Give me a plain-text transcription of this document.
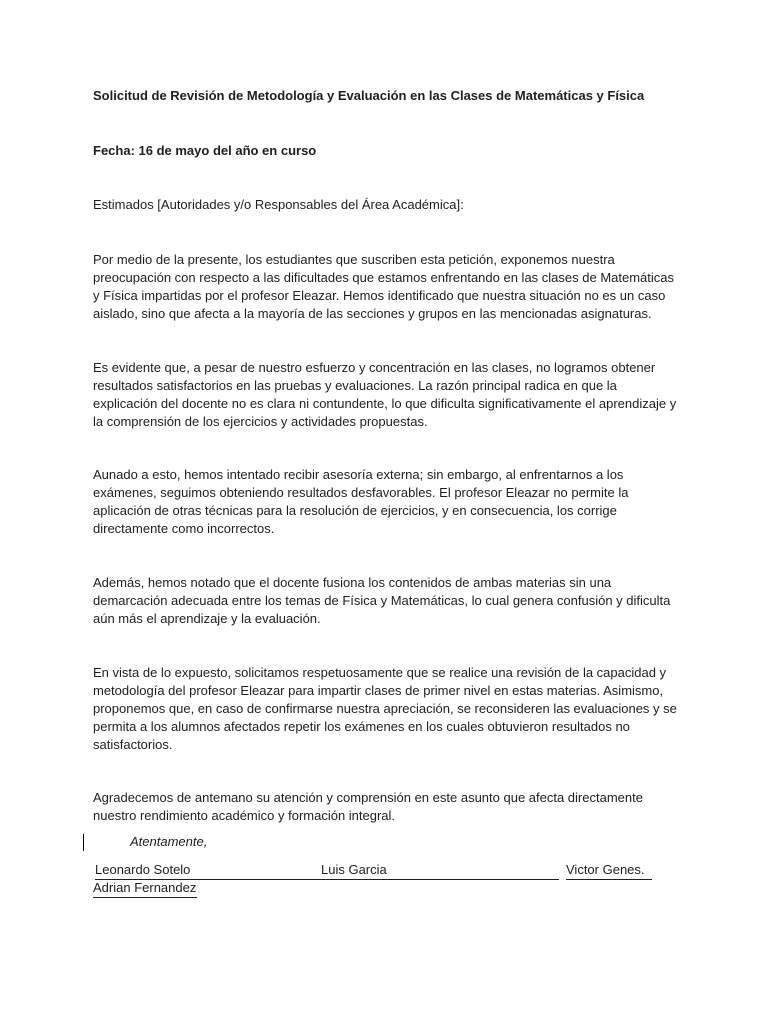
Solicitud de Revisión de Metodología y Evaluación en las Clases de Matemáticas y Física

Fecha: 16 de mayo del año en curso

Estimados [Autoridades y/o Responsables del Área Académica]:

Por medio de la presente, los estudiantes que suscriben esta petición, exponemos nuestra preocupación con respecto a las dificultades que estamos enfrentando en las clases de Matemáticas y Física impartidas por el profesor Eleazar. Hemos identificado que nuestra situación no es un caso aislado, sino que afecta a la mayoría de las secciones y grupos en las mencionadas asignaturas.

Es evidente que, a pesar de nuestro esfuerzo y concentración en las clases, no logramos obtener resultados satisfactorios en las pruebas y evaluaciones. La razón principal radica en que la explicación del docente no es clara ni contundente, lo que dificulta significativamente el aprendizaje y la comprensión de los ejercicios y actividades propuestas.

Aunado a esto, hemos intentado recibir asesoría externa; sin embargo, al enfrentarnos a los exámenes, seguimos obteniendo resultados desfavorables. El profesor Eleazar no permite la aplicación de otras técnicas para la resolución de ejercicios, y en consecuencia, los corrige directamente como incorrectos.

Además, hemos notado que el docente fusiona los contenidos de ambas materias sin una demarcación adecuada entre los temas de Física y Matemáticas, lo cual genera confusión y dificulta aún más el aprendizaje y la evaluación.

En vista de lo expuesto, solicitamos respetuosamente que se realice una revisión de la capacidad y metodología del profesor Eleazar para impartir clases de primer nivel en estas materias. Asimismo, proponemos que, en caso de confirmarse nuestra apreciación, se reconsideren las evaluaciones y se permita a los alumnos afectados repetir los exámenes en los cuales obtuvieron resultados no satisfactorios.

Agradecemos de antemano su atención y comprensión en este asunto que afecta directamente nuestro rendimiento académico y formación integral.

Atentamente,
Leonardo Sotelo	Luis Garcia	Victor Genes.
Adrian Fernandez
